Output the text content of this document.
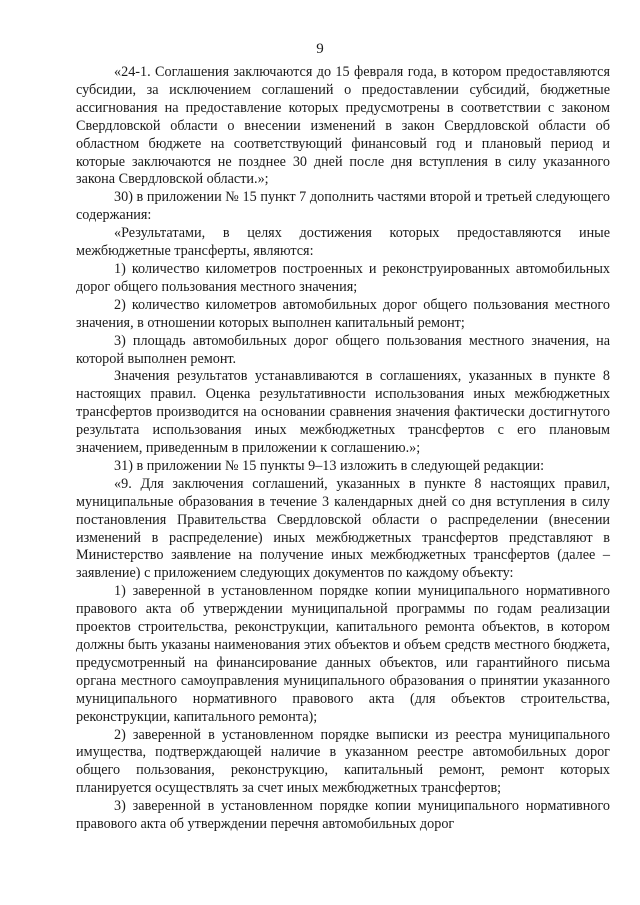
9

«24-1. Соглашения заключаются до 15 февраля года, в котором предоставляются субсидии, за исключением соглашений о предоставлении субсидий, бюджетные ассигнования на предоставление которых предусмотрены в соответствии с законом Свердловской области о внесении изменений в закон Свердловской области об областном бюджете на соответствующий финансовый год и плановый период и которые заключаются не позднее 30 дней после дня вступления в силу указанного закона Свердловской области.»;

30) в приложении № 15 пункт 7 дополнить частями второй и третьей следующего содержания:

«Результатами, в целях достижения которых предоставляются иные межбюджетные трансферты, являются:

1) количество километров построенных и реконструированных автомобильных дорог общего пользования местного значения;

2) количество километров автомобильных дорог общего пользования местного значения, в отношении которых выполнен капитальный ремонт;

3) площадь автомобильных дорог общего пользования местного значения, на которой выполнен ремонт.

Значения результатов устанавливаются в соглашениях, указанных в пункте 8 настоящих правил. Оценка результативности использования иных межбюджетных трансфертов производится на основании сравнения значения фактически достигнутого результата использования иных межбюджетных трансфертов с его плановым значением, приведенным в приложении к соглашению.»;

31) в приложении № 15 пункты 9–13 изложить в следующей редакции:

«9. Для заключения соглашений, указанных в пункте 8 настоящих правил, муниципальные образования в течение 3 календарных дней со дня вступления в силу постановления Правительства Свердловской области о распределении (внесении изменений в распределение) иных межбюджетных трансфертов представляют в Министерство заявление на получение иных межбюджетных трансфертов (далее – заявление) с приложением следующих документов по каждому объекту:

1) заверенной в установленном порядке копии муниципального нормативного правового акта об утверждении муниципальной программы по годам реализации проектов строительства, реконструкции, капитального ремонта объектов, в котором должны быть указаны наименования этих объектов и объем средств местного бюджета, предусмотренный на финансирование данных объектов, или гарантийного письма органа местного самоуправления муниципального образования о принятии указанного муниципального нормативного правового акта (для объектов строительства, реконструкции, капитального ремонта);

2) заверенной в установленном порядке выписки из реестра муниципального имущества, подтверждающей наличие в указанном реестре автомобильных дорог общего пользования, реконструкцию, капитальный ремонт, ремонт которых планируется осуществлять за счет иных межбюджетных трансфертов;

3) заверенной в установленном порядке копии муниципального нормативного правового акта об утверждении перечня автомобильных дорог
